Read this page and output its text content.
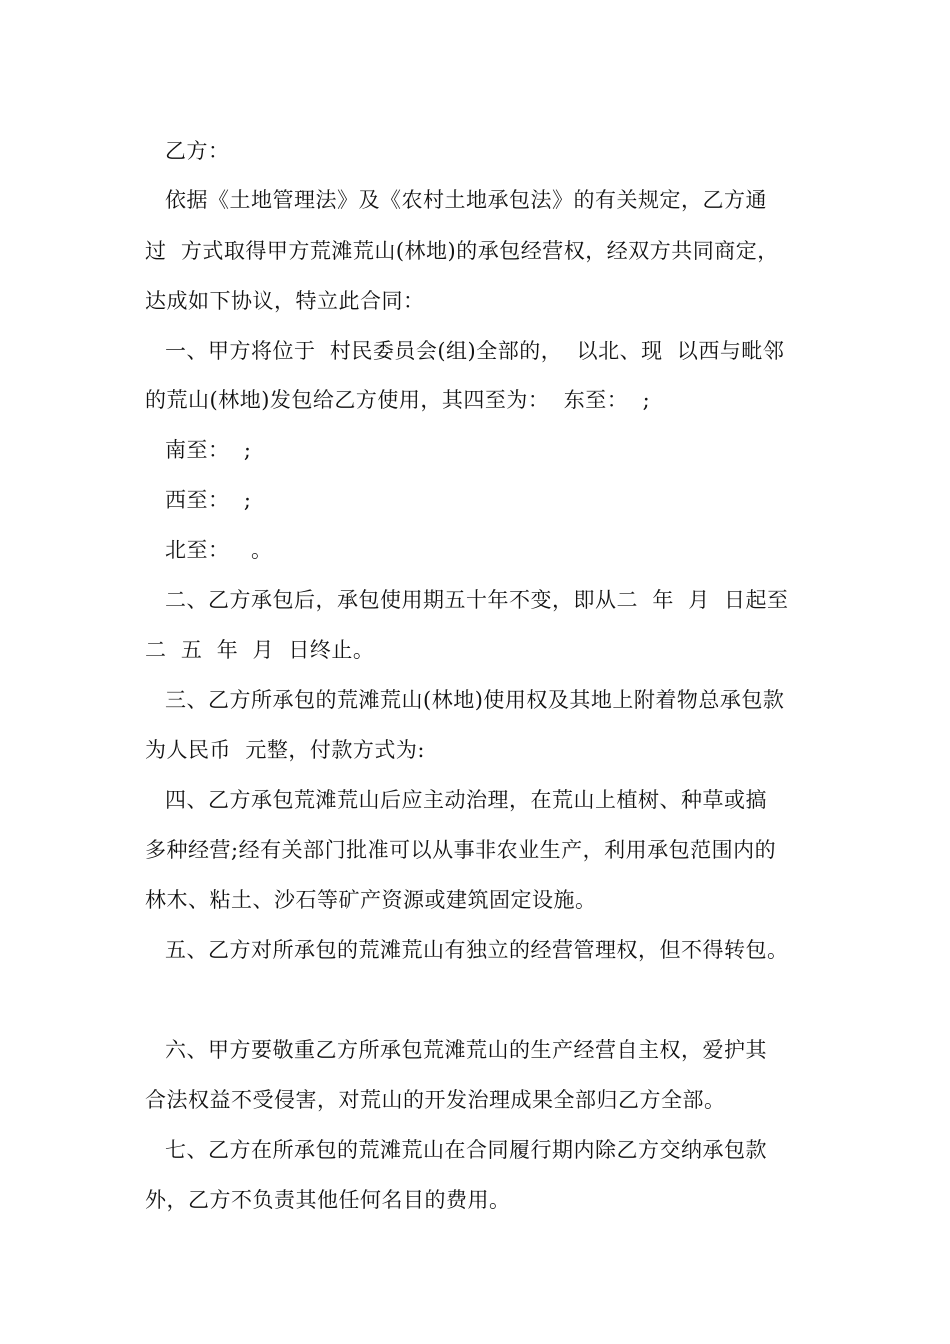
乙方：
依据《土地管理法》及《农村土地承包法》的有关规定，乙方通
过  方式取得甲方荒滩荒山(林地)的承包经营权，经双方共同商定，
达成如下协议，特立此合同：
一、甲方将位于  村民委员会(组)全部的，  以北、现  以西与毗邻
的荒山(林地)发包给乙方使用，其四至为：  东至：  ;
南至：  ;
西至：  ;
北至：   。
二、乙方承包后，承包使用期五十年不变，即从二  年  月  日起至
二  五  年  月  日终止。
三、乙方所承包的荒滩荒山(林地)使用权及其地上附着物总承包款
为人民币  元整，付款方式为:
四、乙方承包荒滩荒山后应主动治理，在荒山上植树、种草或搞
多种经营;经有关部门批准可以从事非农业生产，利用承包范围内的
林木、粘土、沙石等矿产资源或建筑固定设施。
五、乙方对所承包的荒滩荒山有独立的经营管理权，但不得转包。
六、甲方要敬重乙方所承包荒滩荒山的生产经营自主权，爱护其
合法权益不受侵害，对荒山的开发治理成果全部归乙方全部。
七、乙方在所承包的荒滩荒山在合同履行期内除乙方交纳承包款
外，乙方不负责其他任何名目的费用。
